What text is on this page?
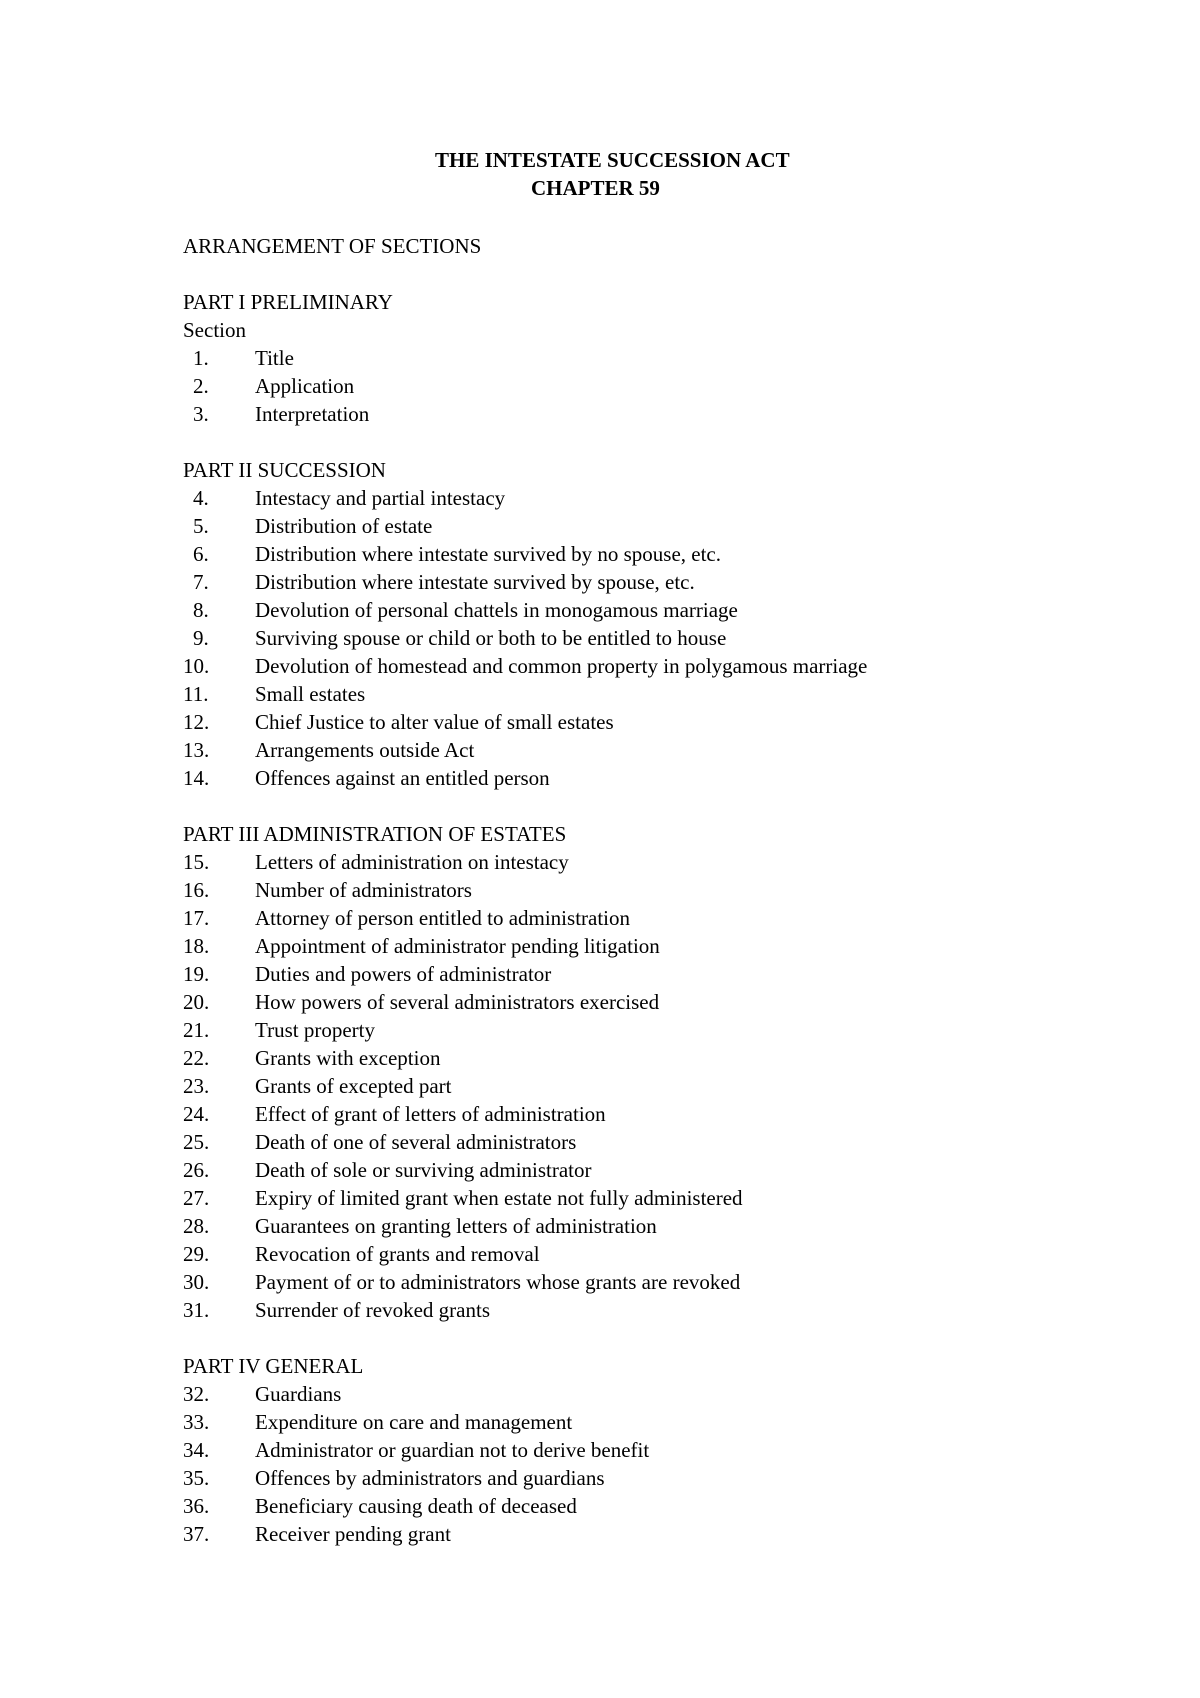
THE INTESTATE SUCCESSION ACT
CHAPTER 59
ARRANGEMENT OF SECTIONS
PART I PRELIMINARY
Section
1.	Title
2.	Application
3.	Interpretation
PART II SUCCESSION
4.	Intestacy and partial intestacy
5.	Distribution of estate
6.	Distribution where intestate survived by no spouse, etc.
7.	Distribution where intestate survived by spouse, etc.
8.	Devolution of personal chattels in monogamous marriage
9.	Surviving spouse or child or both to be entitled to house
10.	Devolution of homestead and common property in polygamous marriage
11.	Small estates
12.	Chief Justice to alter value of small estates
13.	Arrangements outside Act
14.	Offences against an entitled person
PART III ADMINISTRATION OF ESTATES
15.	Letters of administration on intestacy
16.	Number of administrators
17.	Attorney of person entitled to administration
18.	Appointment of administrator pending litigation
19.	Duties and powers of administrator
20.	How powers of several administrators exercised
21.	Trust property
22.	Grants with exception
23.	Grants of excepted part
24.	Effect of grant of letters of administration
25.	Death of one of several administrators
26.	Death of sole or surviving administrator
27.	Expiry of limited grant when estate not fully administered
28.	Guarantees on granting letters of administration
29.	Revocation of grants and removal
30.	Payment of or to administrators whose grants are revoked
31.	Surrender of revoked grants
PART IV GENERAL
32.	Guardians
33.	Expenditure on care and management
34.	Administrator or guardian not to derive benefit
35.	Offences by administrators and guardians
36.	Beneficiary causing death of deceased
37.	Receiver pending grant
